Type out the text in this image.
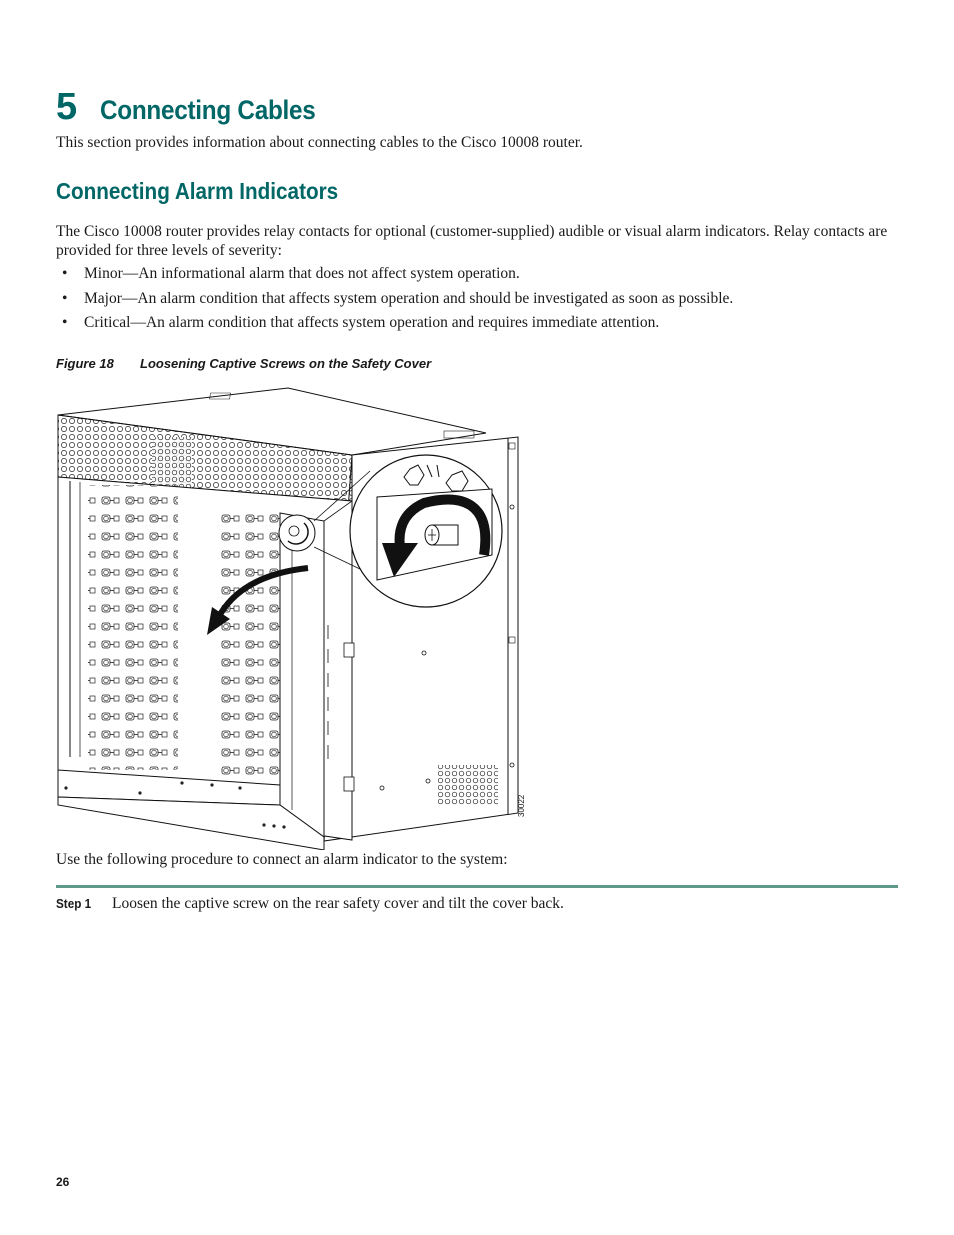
5 Connecting Cables
This section provides information about connecting cables to the Cisco 10008 router.
Connecting Alarm Indicators
The Cisco 10008 router provides relay contacts for optional (customer-supplied) audible or visual alarm indicators. Relay contacts are provided for three levels of severity:
• Minor—An informational alarm that does not affect system operation.
• Major—An alarm condition that affects system operation and should be investigated as soon as possible.
• Critical—An alarm condition that affects system operation and requires immediate attention.
Figure 18 Loosening Captive Screws on the Safety Cover
30022
Use the following procedure to connect an alarm indicator to the system:
Step 1	Loosen the captive screw on the rear safety cover and tilt the cover back.
26
